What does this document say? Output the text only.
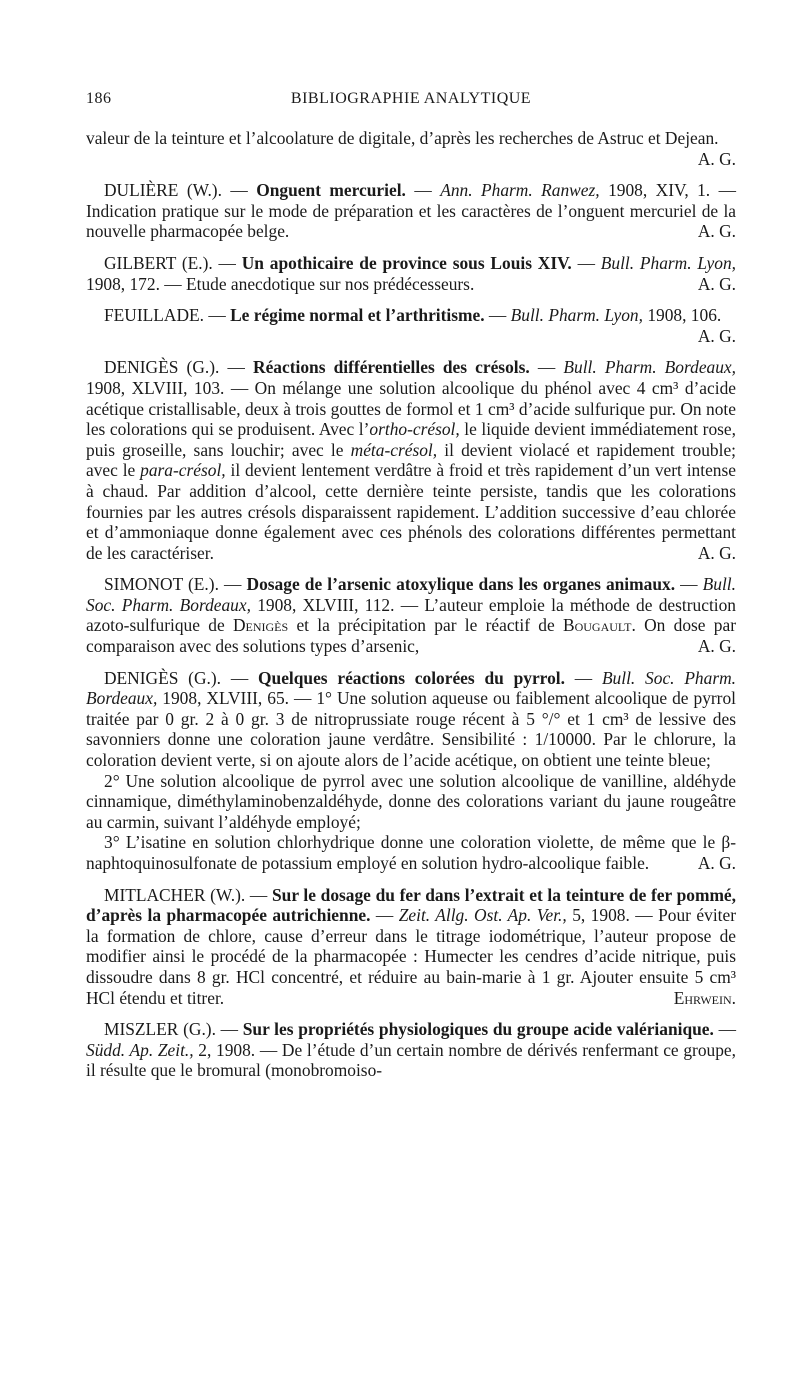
186	BIBLIOGRAPHIE ANALYTIQUE

valeur de la teinture et l’alcoolature de digitale, d’après les recherches de Astruc et Dejean.
A. G.

DULIÈRE (W.). — Onguent mercuriel. — Ann. Pharm. Ranwez, 1908, XIV, 1. — Indication pratique sur le mode de préparation et les caractères de l’onguent mercuriel de la nouvelle pharmacopée belge.	A. G.

GILBERT (E.). — Un apothicaire de province sous Louis XIV. — Bull. Pharm. Lyon, 1908, 172. — Etude anecdotique sur nos prédécesseurs.	A. G.

FEUILLADE. — Le régime normal et l’arthritisme. — Bull. Pharm. Lyon, 1908, 106.
A. G.

DENIGÈS (G.). — Réactions différentielles des crésols. — Bull. Pharm. Bordeaux, 1908, XLVIII, 103. — On mélange une solution alcoolique du phénol avec 4 cm³ d’acide acétique cristallisable, deux à trois gouttes de formol et 1 cm³ d’acide sulfurique pur. On note les colorations qui se produisent. Avec l’ortho-crésol, le liquide devient immédiatement rose, puis groseille, sans louchir; avec le méta-crésol, il devient violacé et rapidement trouble; avec le para-crésol, il devient lentement verdâtre à froid et très rapidement d’un vert intense à chaud. Par addition d’alcool, cette dernière teinte persiste, tandis que les colorations fournies par les autres crésols disparaissent rapidement. L’addition successive d’eau chlorée et d’ammoniaque donne également avec ces phénols des colorations différentes permettant de les caractériser.	A. G.

SIMONOT (E.). — Dosage de l’arsenic atoxylique dans les organes animaux. — Bull. Soc. Pharm. Bordeaux, 1908, XLVIII, 112. — L’auteur emploie la méthode de destruction azoto-sulfurique de Denigès et la précipitation par le réactif de Bougault. On dose par comparaison avec des solutions types d’arsenic,	A. G.

DENIGÈS (G.). — Quelques réactions colorées du pyrrol. — Bull. Soc. Pharm. Bordeaux, 1908, XLVIII, 65. — 1° Une solution aqueuse ou faiblement alcoolique de pyrrol traitée par 0 gr. 2 à 0 gr. 3 de nitroprussiate rouge récent à 5 °/° et 1 cm³ de lessive des savonniers donne une coloration jaune verdâtre. Sensibilité : 1/10000. Par le chlorure, la coloration devient verte, si on ajoute alors de l’acide acétique, on obtient une teinte bleue;

2° Une solution alcoolique de pyrrol avec une solution alcoolique de vanilline, aldéhyde cinnamique, diméthylaminobenzaldéhyde, donne des colorations variant du jaune rougeâtre au carmin, suivant l’aldéhyde employé;

3° L’isatine en solution chlorhydrique donne une coloration violette, de même que le β-naphtoquinosulfonate de potassium employé en solution hydro-alcoolique faible.	A. G.

MITLACHER (W.). — Sur le dosage du fer dans l’extrait et la teinture de fer pommé, d’après la pharmacopée autrichienne. — Zeit. Allg. Ost. Ap. Ver., 5, 1908. — Pour éviter la formation de chlore, cause d’erreur dans le titrage iodométrique, l’auteur propose de modifier ainsi le procédé de la pharmacopée : Humecter les cendres d’acide nitrique, puis dissoudre dans 8 gr. HCl concentré, et réduire au bain-marie à 1 gr. Ajouter ensuite 5 cm³ HCl étendu et titrer.	Ehrwein.

MISZLER (G.). — Sur les propriétés physiologiques du groupe acide valérianique. — Südd. Ap. Zeit., 2, 1908. — De l’étude d’un certain nombre de dérivés renfermant ce groupe, il résulte que le bromural (monobromoiso-
